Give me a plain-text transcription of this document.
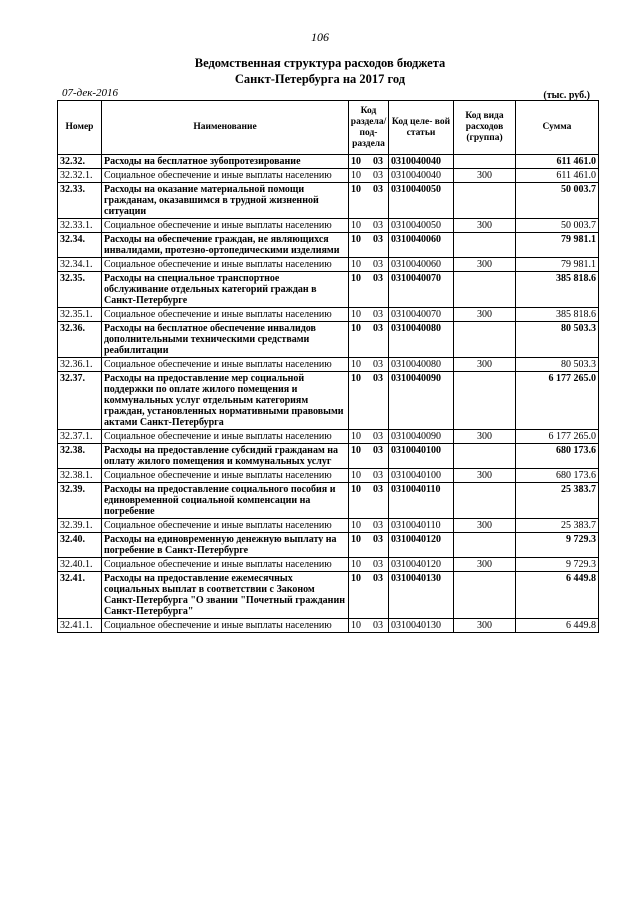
106
Ведомственная структура расходов бюджета
Санкт-Петербурга на 2017 год
07-дек-2016	(тыс. руб.)
Номер	Наименование	Код раздела/ под- раздела	Код целе- вой статьи	Код вида расходов (группа)	Сумма
32.32.	Расходы на бесплатное зубопротезирование	10 03	0310040040		611 461.0
32.32.1.	Социальное обеспечение и иные выплаты населению	10 03	0310040040	300	611 461.0
32.33.	Расходы на оказание материальной помощи гражданам, оказавшимся в трудной жизненной ситуации	10 03	0310040050		50 003.7
32.33.1.	Социальное обеспечение и иные выплаты населению	10 03	0310040050	300	50 003.7
32.34.	Расходы на обеспечение граждан, не являющихся инвалидами, протезно-ортопедическими изделиями	10 03	0310040060		79 981.1
32.34.1.	Социальное обеспечение и иные выплаты населению	10 03	0310040060	300	79 981.1
32.35.	Расходы на специальное транспортное обслуживание отдельных категорий граждан в Санкт-Петербурге	10 03	0310040070		385 818.6
32.35.1.	Социальное обеспечение и иные выплаты населению	10 03	0310040070	300	385 818.6
32.36.	Расходы на бесплатное обеспечение инвалидов дополнительными техническими средствами реабилитации	10 03	0310040080		80 503.3
32.36.1.	Социальное обеспечение и иные выплаты населению	10 03	0310040080	300	80 503.3
32.37.	Расходы на предоставление мер социальной поддержки по оплате жилого помещения и коммунальных услуг отдельным категориям граждан, установленных нормативными правовыми актами Санкт-Петербурга	10 03	0310040090		6 177 265.0
32.37.1.	Социальное обеспечение и иные выплаты населению	10 03	0310040090	300	6 177 265.0
32.38.	Расходы на предоставление субсидий гражданам на оплату жилого помещения и коммунальных услуг	10 03	0310040100		680 173.6
32.38.1.	Социальное обеспечение и иные выплаты населению	10 03	0310040100	300	680 173.6
32.39.	Расходы на предоставление социального пособия и единовременной социальной компенсации на погребение	10 03	0310040110		25 383.7
32.39.1.	Социальное обеспечение и иные выплаты населению	10 03	0310040110	300	25 383.7
32.40.	Расходы на единовременную денежную выплату на погребение в Санкт-Петербурге	10 03	0310040120		9 729.3
32.40.1.	Социальное обеспечение и иные выплаты населению	10 03	0310040120	300	9 729.3
32.41.	Расходы на предоставление ежемесячных социальных выплат в соответствии с Законом Санкт-Петербурга "О звании "Почетный гражданин Санкт-Петербурга"	10 03	0310040130		6 449.8
32.41.1.	Социальное обеспечение и иные выплаты населению	10 03	0310040130	300	6 449.8
